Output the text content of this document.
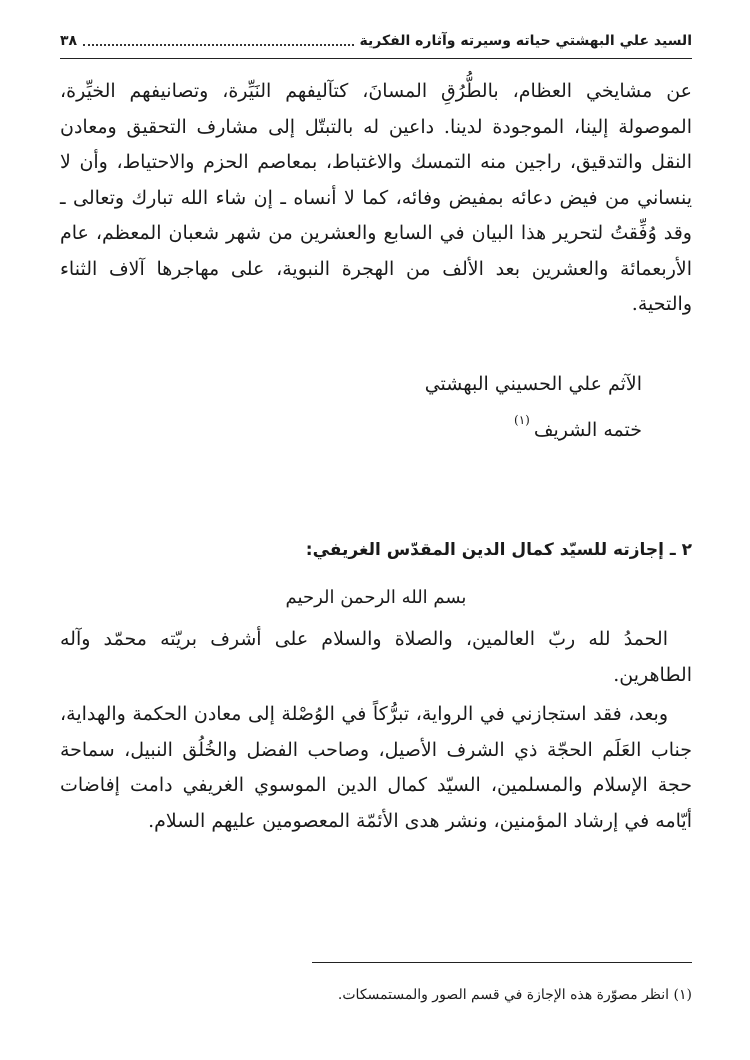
السيد علي البهشتي حياته وسيرته وآثاره الفكرية
٣٨

عن مشايخي العظام، بالطُّرُقِ المسانَ، كتآليفهم النَيِّرة، وتصانيفهم الخيِّرة، الموصولة إلينا، الموجودة لدينا. داعين له بالتبتّل إلى مشارف التحقيق ومعادن النقل والتدقيق، راجين منه التمسك والاغتباط، بمعاصم الحزم والاحتياط، وأن لا ينساني من فيض دعائه بمفيض وفائه، كما لا أنساه ـ إن شاء الله تبارك وتعالى ـ وقد وُفِّقتُ لتحرير هذا البيان في السابع والعشرين من شهر شعبان المعظم، عام الأربعمائة والعشرين بعد الألف من الهجرة النبوية، على مهاجرها آلاف الثناء والتحية.

الآثم علي الحسيني البهشتي
ختمه الشريف$^{(١)}$
٢ ـ إجازته للسيّد كمال الدين المقدّس الغريفي:
بسم الله الرحمن الرحيم

الحمدُ لله ربّ العالمين، والصلاة والسلام على أشرف بريّته محمّد وآله الطاهرين.

وبعد، فقد استجازني في الرواية، تبرُّكاً في الوُصْلة إلى معادن الحكمة والهداية، جناب العَلَم الحجّة ذي الشرف الأصيل، وصاحب الفضل والخُلُق النبيل، سماحة حجة الإسلام والمسلمين، السيّد كمال الدين الموسوي الغريفي دامت إفاضات أيّامه في إرشاد المؤمنين، ونشر هدى الأئمّة المعصومين عليهم السلام.

(١) انظر مصوّرة هذه الإجازة في قسم الصور والمستمسكات.
